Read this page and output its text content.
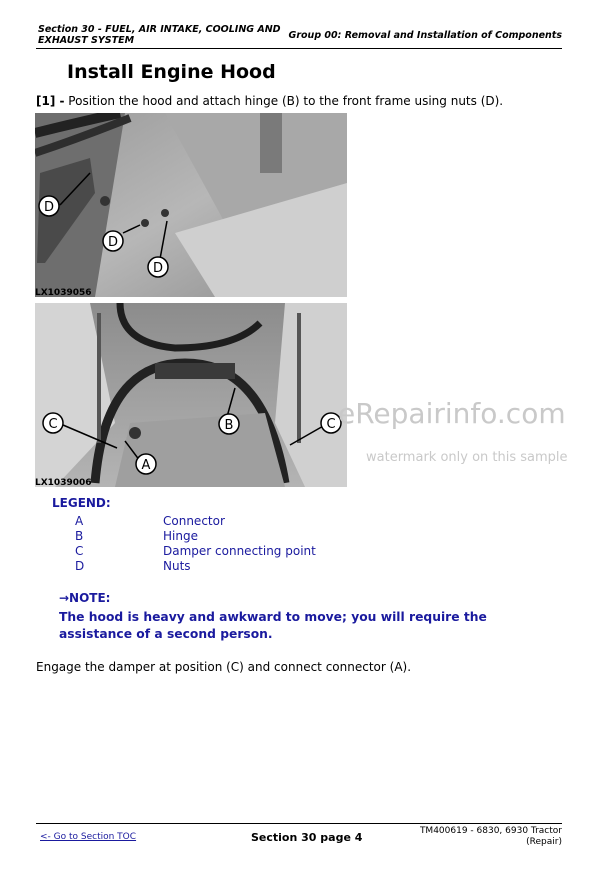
Section 30 - FUEL, AIR INTAKE, COOLING AND
EXHAUST SYSTEM	Group 00: Removal and Installation of Components
Install Engine Hood
[1] - Position the hood and attach hinge (B) to the front frame using nuts (D).
D
D
D
LX1039056
C	B	C
A
LX1039006
eRepairinfo.com
watermark only on this sample
LEGEND:
A	Connector
B	Hinge
C	Damper connecting point
D	Nuts
→NOTE:
The hood is heavy and awkward to move; you will require the assistance of a second person.
Engage the damper at position (C) and connect connector (A).
<- Go to Section TOC	Section 30 page 4	TM400619 - 6830, 6930 Tractor
(Repair)
